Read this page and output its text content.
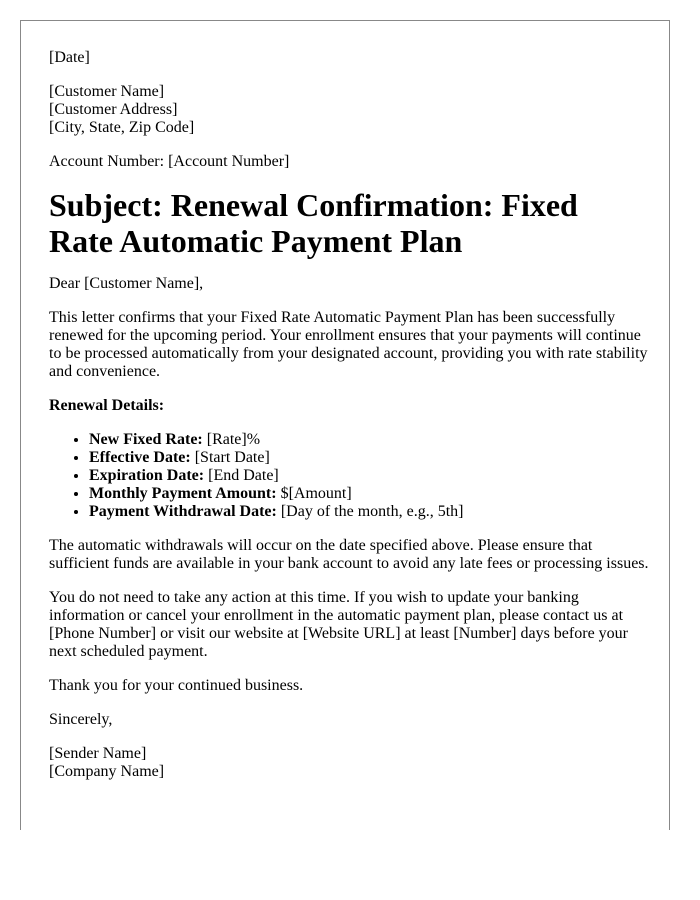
[Date]

[Customer Name]
[Customer Address]
[City, State, Zip Code]

Account Number: [Account Number]

Subject: Renewal Confirmation: Fixed Rate Automatic Payment Plan

Dear [Customer Name],

This letter confirms that your Fixed Rate Automatic Payment Plan has been successfully renewed for the upcoming period. Your enrollment ensures that your payments will continue to be processed automatically from your designated account, providing you with rate stability and convenience.

Renewal Details:

• New Fixed Rate: [Rate]%
• Effective Date: [Start Date]
• Expiration Date: [End Date]
• Monthly Payment Amount: $[Amount]
• Payment Withdrawal Date: [Day of the month, e.g., 5th]

The automatic withdrawals will occur on the date specified above. Please ensure that sufficient funds are available in your bank account to avoid any late fees or processing issues.

You do not need to take any action at this time. If you wish to update your banking information or cancel your enrollment in the automatic payment plan, please contact us at [Phone Number] or visit our website at [Website URL] at least [Number] days before your next scheduled payment.

Thank you for your continued business.

Sincerely,

[Sender Name]
[Company Name]
